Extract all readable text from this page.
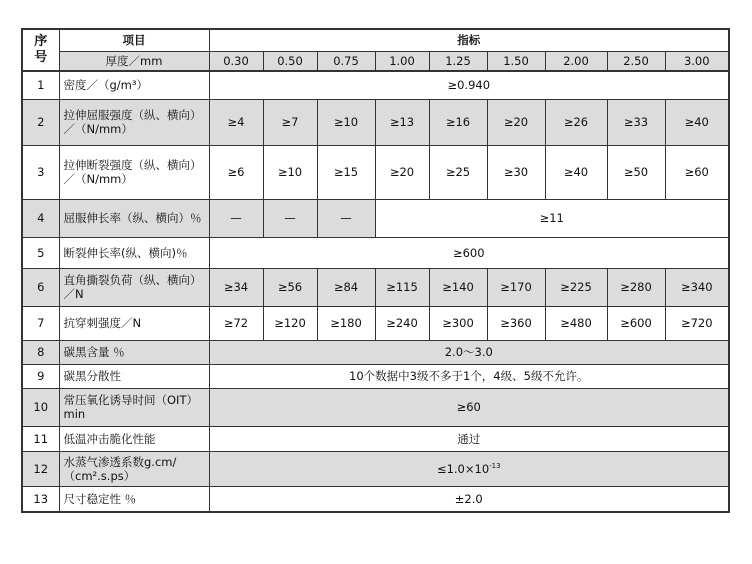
序号	项目	指标								
	厚度／mm	0.30	0.50	0.75	1.00	1.25	1.50	2.00	2.50	3.00
1	密度／（g/m³）	≥0.940								
2	拉伸屈服强度（纵、横向）／（N/mm）	≥4	≥7	≥10	≥13	≥16	≥20	≥26	≥33	≥40
3	拉伸断裂强度（纵、横向）／（N/mm）	≥6	≥10	≥15	≥20	≥25	≥30	≥40	≥50	≥60
4	屈服伸长率（纵、横向）％	—	—	—	≥11					
5	断裂伸长率(纵、横向)％	≥600								
6	直角撕裂负荷（纵、横向）／N	≥34	≥56	≥84	≥115	≥140	≥170	≥225	≥280	≥340
7	抗穿刺强度／N	≥72	≥120	≥180	≥240	≥300	≥360	≥480	≥600	≥720
8	碳黑含量 ％	2.0～3.0								
9	碳黑分散性	10个数据中3级不多于1个，4级、5级不允许。								
10	常压氧化诱导时间（OIT）min	≥60								
11	低温冲击脆化性能	通过								
12	水蒸气渗透系数g.cm/（cm².s.ps）	$\le 1.0\times 10^{-13}$
13	尺寸稳定性 ％	±2.0								
